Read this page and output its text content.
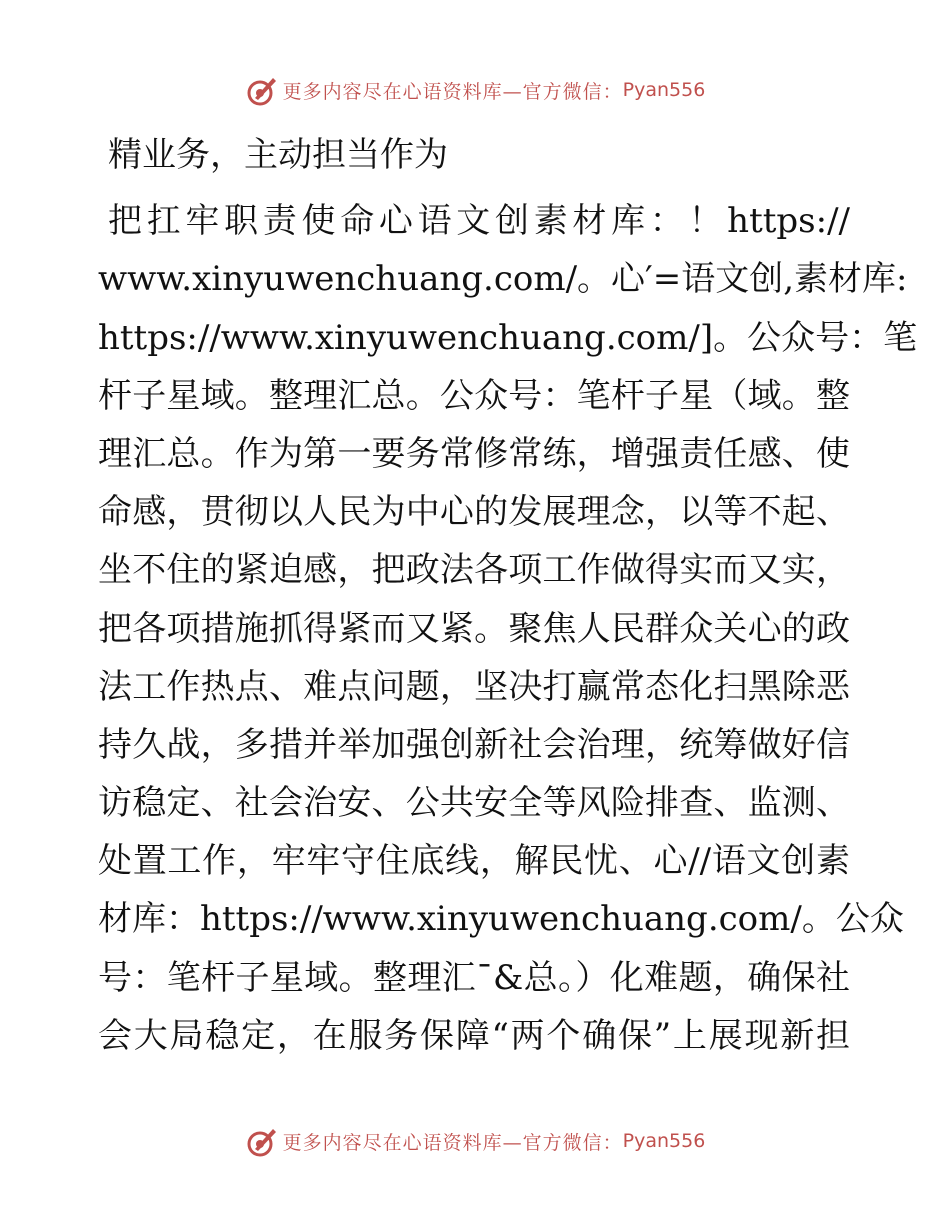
更多内容尽在心语资料库—官方微信： Pyan556
精业务，主动担当作为
把扛牢职责使命心语文创素材库：！https://
www.xinyuwenchuang.com/。心′=语文创,素材库:
https://www.xinyuwenchuang.com/]。公众号：笔
杆子星域。整理汇总。公众号：笔杆子星（域。整
理汇总。作为第一要务常修常练，增强责任感、使
命感，贯彻以人民为中心的发展理念，以等不起、
坐不住的紧迫感，把政法各项工作做得实而又实，
把各项措施抓得紧而又紧。聚焦人民群众关心的政
法工作热点、难点问题，坚决打赢常态化扫黑除恶
持久战，多措并举加强创新社会治理，统筹做好信
访稳定、社会治安、公共安全等风险排查、监测、
处置工作，牢牢守住底线，解民忧、心//语文创素
材库：https://www.xinyuwenchuang.com/。公众
号：笔杆子星域。整理汇¯&总。）化难题，确保社
会大局稳定，在服务保障“两个确保”上展现新担
更多内容尽在心语资料库—官方微信： Pyan556
